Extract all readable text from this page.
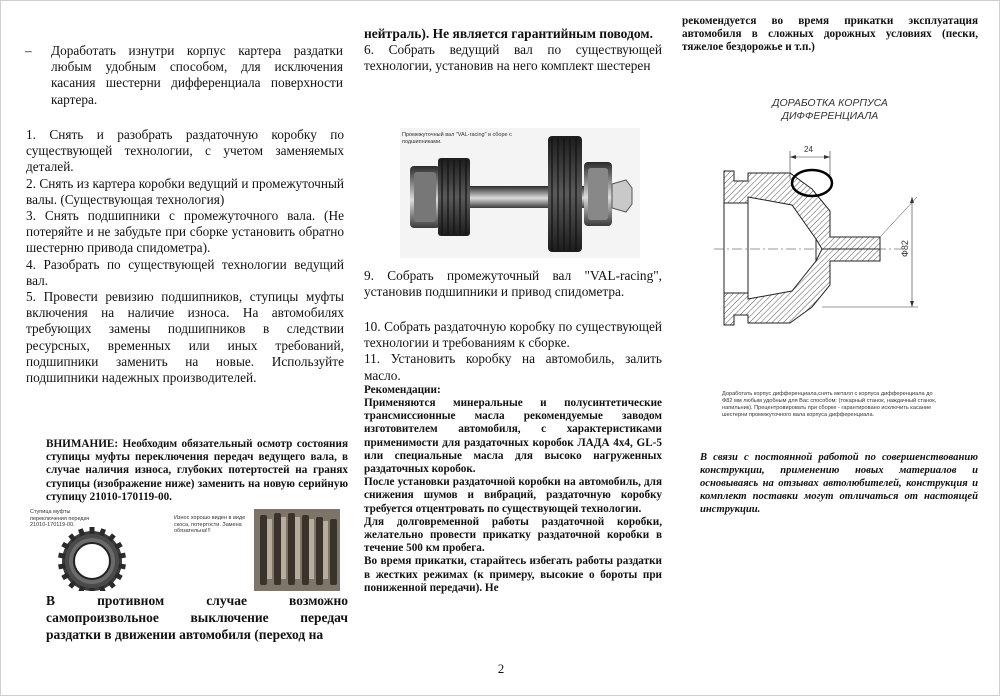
– Доработать изнутри корпус картера раздатки любым удобным способом, для исключения касания шестерни дифференциала поверхности картера.

1. Снять и разобрать раздаточную коробку по существующей технологии, с учетом заменяемых деталей.

2. Снять из картера коробки ведущий и промежуточный валы. (Существующая технология)

3. Снять подшипники с промежуточного вала. (Не потеряйте и не забудьте при сборке установить обратно шестерню привода спидометра).

4. Разобрать по существующей технологии ведущий вал.

5. Провести ревизию подшипников, ступицы муфты включения на наличие износа. На автомобилях требующих замены подшипников в следствии ресурсных, временных или иных требований, подшипники заменить на новые. Используйте подшипники надежных производителей.

ВНИМАНИЕ: Необходим обязательный осмотр состояния ступицы муфты переключения передач ведущего вала, в случае наличия износа, глубоких потертостей на гранях ступицы (изображение ниже) заменить на новую серийную ступицу 21010-170119-00.

Ступица муфты переключения передач 21010-170119-00.
Износ хорошо виден в виде скоса, потертости. Замена обязательна!!!

В противном случае возможно самопроизвольное выключение передач раздатки в движении автомобиля (переход на

нейтраль). Не является гарантийным поводом.

6. Собрать ведущий вал по существующей технологии, установив на него комплект шестерен

Промежуточный вал "VAL-racing" в сборе с подшипниками.

9. Собрать промежуточный вал "VAL-racing", установив подшипники и привод спидометра.

10. Собрать раздаточную коробку по существующей технологии и требованиям к сборке.

11. Установить коробку на автомобиль, залить масло.

Рекомендации:

Применяются минеральные и полусинтетические трансмиссионные масла рекомендуемые заводом изготовителем автомобиля, с характеристиками применимости для раздаточных коробок ЛАДА 4х4, GL-5 или специальные масла для высоко нагруженных раздаточных коробок.

После установки раздаточной коробки на автомобиль, для снижения шумов и вибраций, раздаточную коробку требуется отцентровать по существующей технологии.

Для долговременной работы раздаточной коробки, желательно провести прикатку раздаточной коробки в течение 500 км пробега.

Во время прикатки, старайтесь избегать работы раздатки в жестких режимах (к примеру, высокие о бороты при пониженной передачи). Не

рекомендуется во время прикатки эксплуатация автомобиля в сложных дорожных условиях (пески, тяжелое бездорожье и т.п.)

ДОРАБОТКА КОРПУСА
ДИФФЕРЕНЦИАЛА
24
Ф82
Доработать корпус дифференциала,снять металл с корпуса дифференциала до Ф82 мм любым удобным для Вас способом: (токарный станок, наждачный станок, напильник). Прецентровировать при сборке - гарантировано исключить касание шестерни промежуточного вала корпуса дифференциала.

В связи с постоянной работой по совершенствованию конструкции, применению новых материалов и основываясь на отзывах автолюбителей, конструкция и комплект поставки могут отличаться от настоящей инструкции.

2
